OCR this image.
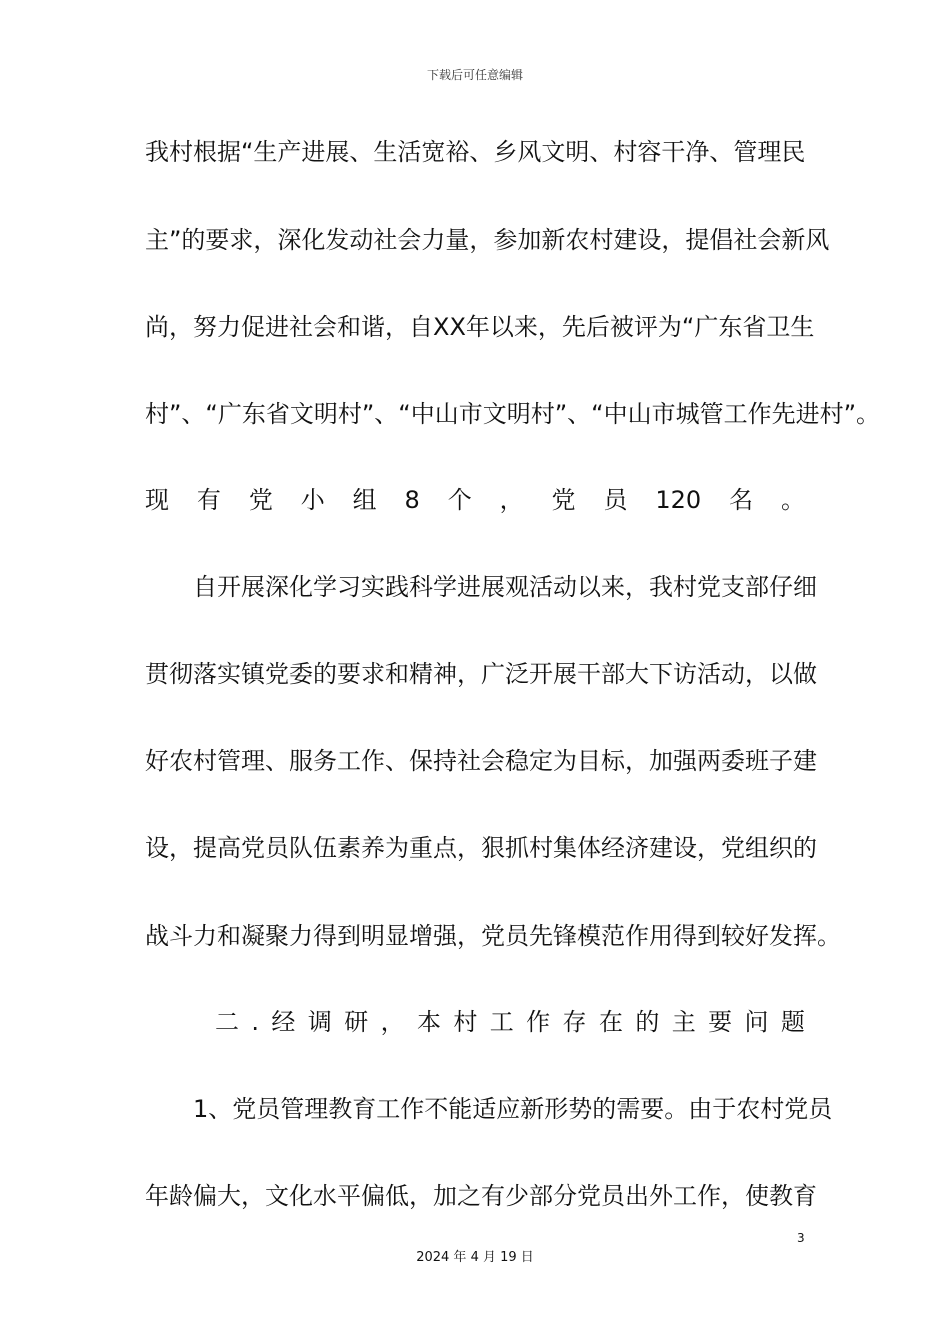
下载后可任意编辑
我村根据“生产进展、生活宽裕、乡风文明、村容干净、管理民
主”的要求，深化发动社会力量，参加新农村建设，提倡社会新风
尚，努力促进社会和谐，自XX年以来，先后被评为“广东省卫生
村”、“广东省文明村”、“中山市文明村”、“中山市城管工作先进村”。
现 有 党 小 组 8 个 ， 党 员 120 名 。
自开展深化学习实践科学进展观活动以来，我村党支部仔细
贯彻落实镇党委的要求和精神，广泛开展干部大下访活动，以做
好农村管理、服务工作、保持社会稳定为目标，加强两委班子建
设，提高党员队伍素养为重点，狠抓村集体经济建设，党组织的
战斗力和凝聚力得到明显增强，党员先锋模范作用得到较好发挥。
二 . 经 调 研 ， 本 村 工 作 存 在 的 主 要 问 题
1、党员管理教育工作不能适应新形势的需要。由于农村党员
年龄偏大，文化水平偏低，加之有少部分党员出外工作，使教育
3
2024 年 4 月 19 日
